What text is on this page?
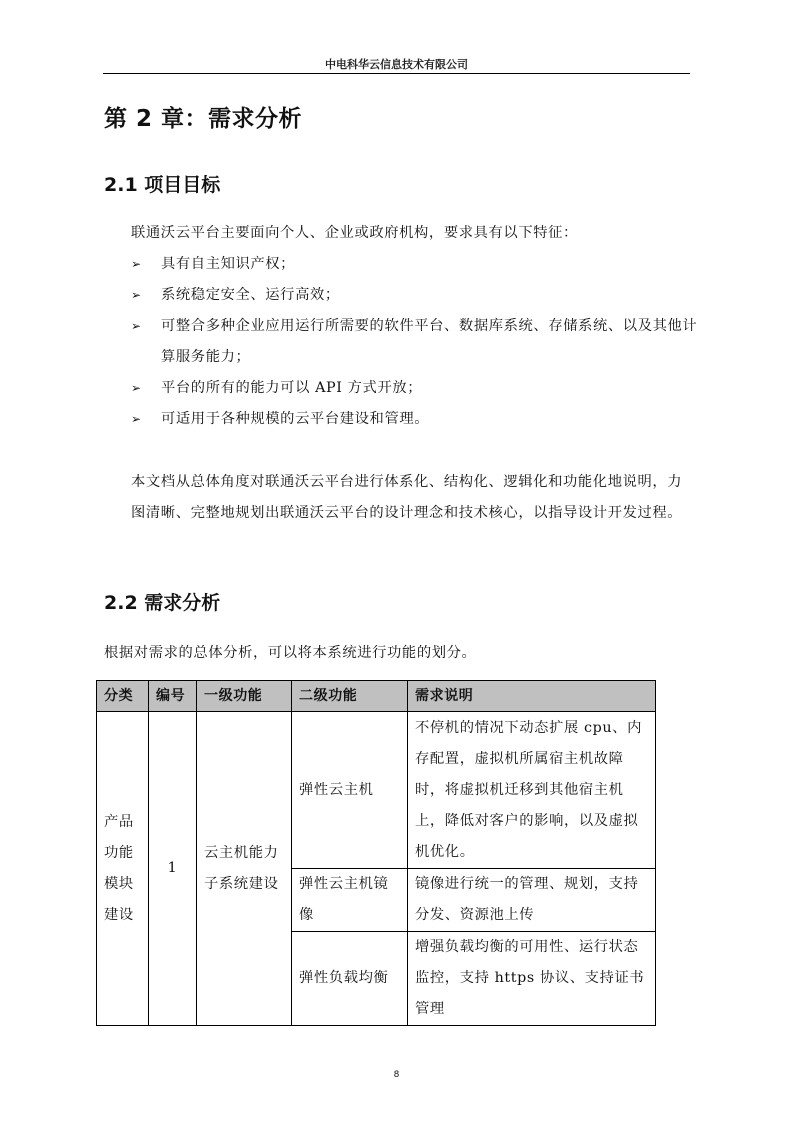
中电科华云信息技术有限公司
第 2 章：需求分析
2.1 项目目标
联通沃云平台主要面向个人、企业或政府机构，要求具有以下特征：
➢	具有自主知识产权；
➢	系统稳定安全、运行高效；
➢	可整合多种企业应用运行所需要的软件平台、数据库系统、存储系统、以及其他计算服务能力；
➢	平台的所有的能力可以 API 方式开放；
➢	可适用于各种规模的云平台建设和管理。
本文档从总体角度对联通沃云平台进行体系化、结构化、逻辑化和功能化地说明，力图清晰、完整地规划出联通沃云平台的设计理念和技术核心，以指导设计开发过程。
2.2 需求分析
根据对需求的总体分析，可以将本系统进行功能的划分。
分类	编号	一级功能	二级功能	需求说明
产品功能模块建设	1	云主机能力子系统建设	弹性云主机	不停机的情况下动态扩展 cpu、内存配置，虚拟机所属宿主机故障时，将虚拟机迁移到其他宿主机上，降低对客户的影响，以及虚拟机优化。
			弹性云主机镜像	镜像进行统一的管理、规划，支持分发、资源池上传
			弹性负载均衡	增强负载均衡的可用性、运行状态监控，支持 https 协议、支持证书管理
8
